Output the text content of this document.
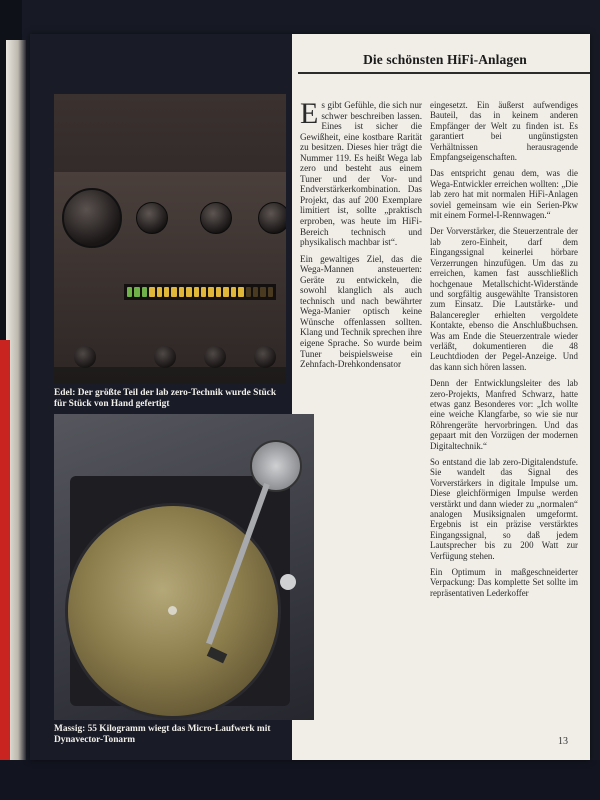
Die schönsten HiFi-Anlagen
Edel: Der größte Teil der lab zero-Technik wurde Stück für Stück von Hand gefertigt
Massig: 55 Kilogramm wiegt das Micro-Laufwerk mit Dynavector-Tonarm

Es gibt Gefühle, die sich nur schwer beschreiben lassen. Eines ist sicher die Gewißheit, eine kostbare Rarität zu besitzen. Dieses hier trägt die Nummer 119. Es heißt Wega lab zero und besteht aus einem Tuner und der Vor- und Endverstärkerkombination. Das Projekt, das auf 200 Exemplare limitiert ist, sollte „praktisch erproben, was heute im HiFi-Bereich technisch und physikalisch machbar ist“.

Ein gewaltiges Ziel, das die Wega-Mannen ansteuerten: Geräte zu entwickeln, die sowohl klanglich als auch technisch und nach bewährter Wega-Manier optisch keine Wünsche offenlassen sollten. Klang und Technik sprechen ihre eigene Sprache. So wurde beim Tuner beispielsweise ein Zehnfach-Drehkondensator

eingesetzt. Ein äußerst aufwendiges Bauteil, das in keinem anderen Empfänger der Welt zu finden ist. Es garantiert bei ungünstigsten Verhältnissen herausragende Empfangseigenschaften.

Das entspricht genau dem, was die Wega-Entwickler erreichen wollten: „Die lab zero hat mit normalen HiFi-Anlagen soviel gemeinsam wie ein Serien-Pkw mit einem Formel-I-Rennwagen.“

Der Vorverstärker, die Steuerzentrale der lab zero-Einheit, darf dem Eingangssignal keinerlei hörbare Verzerrungen hinzufügen. Um das zu erreichen, kamen fast ausschließlich hochgenaue Metallschicht-Widerstände und sorgfältig ausgewählte Transistoren zum Einsatz. Die Lautstärke- und Balanceregler erhielten vergoldete Kontakte, ebenso die Anschlußbuchsen. Was am Ende die Steuerzentrale wieder verläßt, dokumentieren die 48 Leuchtdioden der Pegel-Anzeige. Und das kann sich hören lassen.

Denn der Entwicklungsleiter des lab zero-Projekts, Manfred Schwarz, hatte etwas ganz Besonderes vor: „Ich wollte eine weiche Klangfarbe, so wie sie nur Röhrengeräte hervorbringen. Und das gepaart mit den Vorzügen der modernen Digitaltechnik.“

So entstand die lab zero-Digitalendstufe. Sie wandelt das Signal des Vorverstärkers in digitale Impulse um. Diese gleichförmigen Impulse werden verstärkt und dann wieder zu „normalen“ analogen Musiksignalen umgeformt. Ergebnis ist ein präzise verstärktes Eingangssignal, so daß jedem Lautsprecher bis zu 200 Watt zur Verfügung stehen.

Ein Optimum in maßgeschneiderter Verpackung: Das komplette Set sollte im repräsentativen Lederkoffer

13
